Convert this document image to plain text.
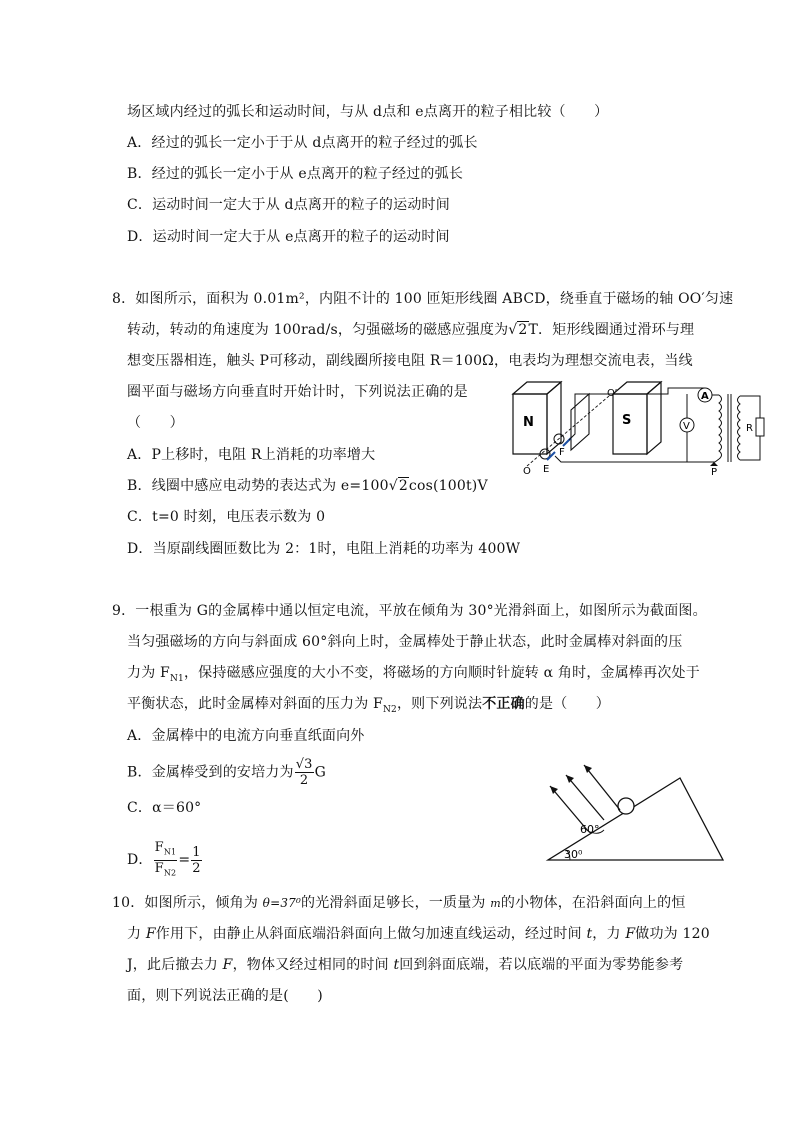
场区域内经过的弧长和运动时间，与从 d点和 e点离开的粒子相比较（　　）
A．经过的弧长一定小于于从 d点离开的粒子经过的弧长
B．经过的弧长一定小于从 e点离开的粒子经过的弧长
C．运动时间一定大于从 d点离开的粒子的运动时间
D．运动时间一定大于从 e点离开的粒子的运动时间
8．如图所示，面积为 0.01m²，内阻不计的 100 匝矩形线圈 ABCD，绕垂直于磁场的轴 OO′匀速
转动，转动的角速度为 100rad/s，匀强磁场的磁感应强度为√2T．矩形线圈通过滑环与理
想变压器相连，触头 P可移动，副线圈所接电阻 R＝100Ω，电表均为理想交流电表，当线
圈平面与磁场方向垂直时开始计时，下列说法正确的是
（　　）
A．P上移时，电阻 R上消耗的功率增大
B．线圈中感应电动势的表达式为 e=100√2cos(100t)V
C．t=0 时刻，电压表示数为 0
D．当原副线圈匝数比为 2：1时，电阻上消耗的功率为 400W
N	S
O′
O
F
E
A
V	R
P
9．一根重为 G的金属棒中通以恒定电流，平放在倾角为 30°光滑斜面上，如图所示为截面图。
当匀强磁场的方向与斜面成 60°斜向上时，金属棒处于静止状态，此时金属棒对斜面的压
力为 $F_{N1}$，保持磁感应强度的大小不变，将磁场的方向顺时针旋转 α 角时，金属棒再次处于
平衡状态，此时金属棒对斜面的压力为 $F_{N2}$，则下列说法不正确的是（　　）
A．金属棒中的电流方向垂直纸面向外
B．金属棒受到的安培力为 $\frac{√3}{2}$ G
C．α＝60°
D． $\frac{F_{N1}}{F_{N2}} = \frac{1}{2}$
60°
30⁰
10．如图所示，倾角为 θ=37⁰的光滑斜面足够长，一质量为 m的小物体，在沿斜面向上的恒
力 F作用下，由静止从斜面底端沿斜面向上做匀加速直线运动，经过时间 t，力 F做功为 120
J，此后撤去力 F，物体又经过相同的时间 t回到斜面底端，若以底端的平面为零势能参考
面，则下列说法正确的是(　　)
